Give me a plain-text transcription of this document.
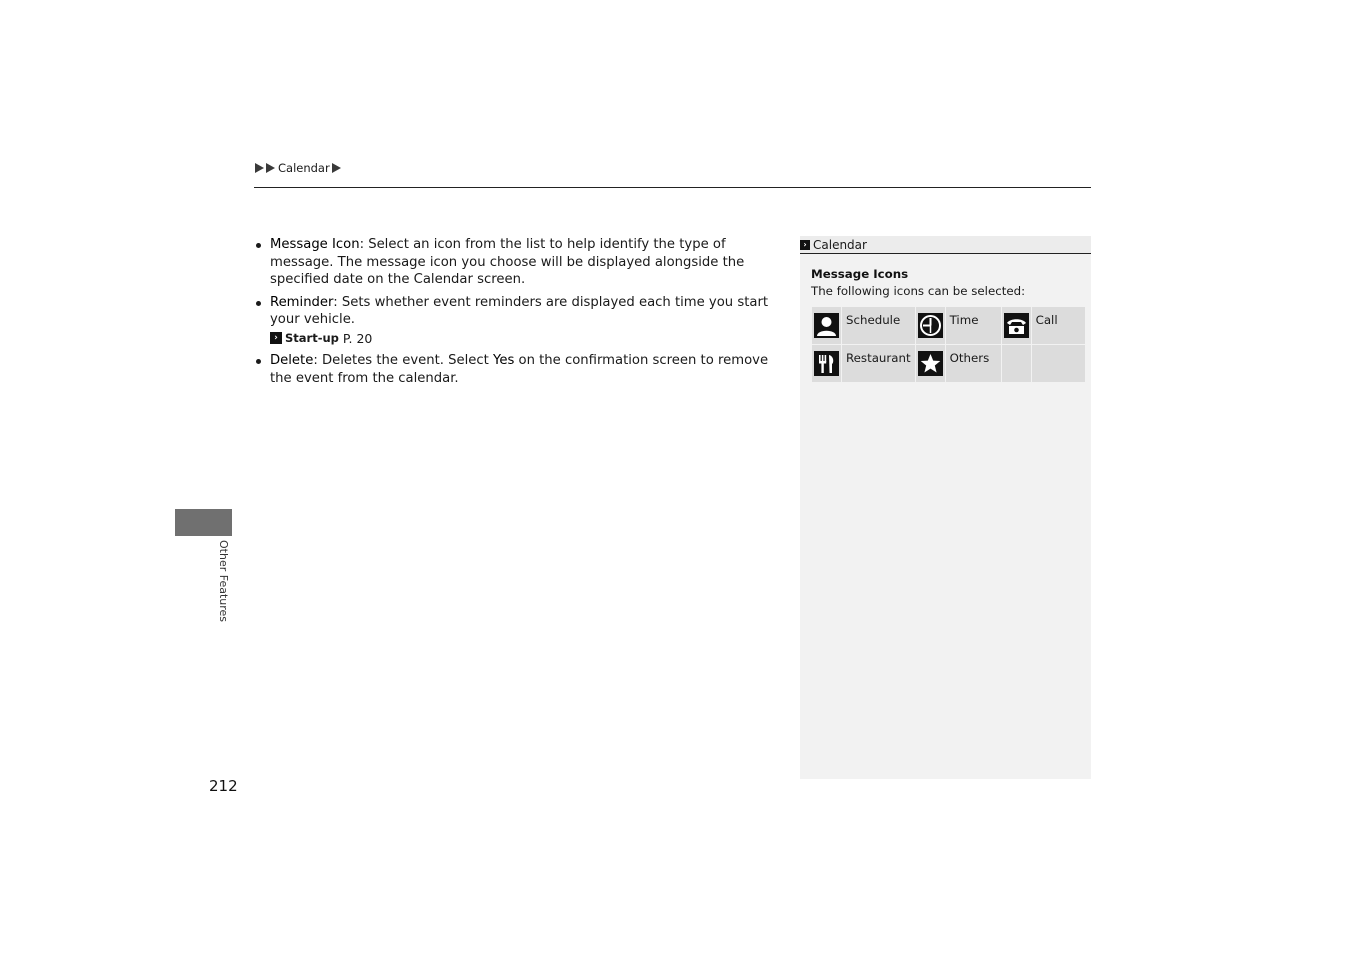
Calendar
Message Icon: Select an icon from the list to help identify the type of message. The message icon you choose will be displayed alongside the specified date on the Calendar screen.
Reminder: Sets whether event reminders are displayed each time you start your vehicle.
› Start-up P. 20
Delete: Deletes the event. Select Yes on the confirmation screen to remove the event from the calendar.
› Calendar
Message Icons
The following icons can be selected:
	Schedule		Time		Call

	Restaurant		Others		
Other Features
212
